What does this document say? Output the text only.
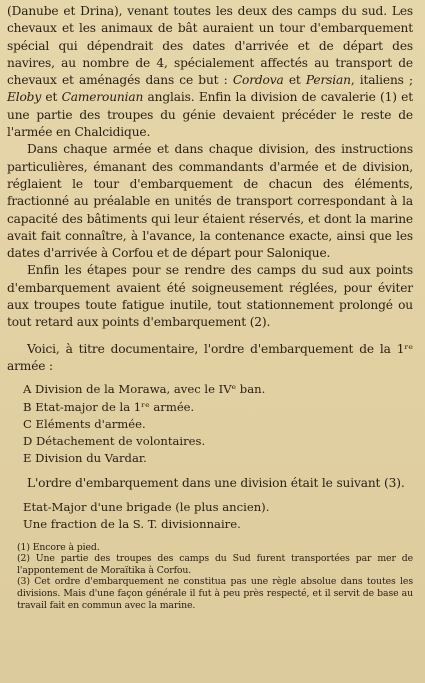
(Danube et Drina), venant toutes les deux des camps du sud. Les chevaux et les animaux de bât auraient un tour d'embarquement spécial qui dépendrait des dates d'arrivée et de départ des navires, au nombre de 4, spécialement affectés au transport de chevaux et aménagés dans ce but : Cordova et Persian, italiens ; Eloby et Camerounian anglais. Enfin la division de cavalerie (1) et une partie des troupes du génie devaient précéder le reste de l'armée en Chalcidique.

Dans chaque armée et dans chaque division, des instructions particulières, émanant des commandants d'armée et de division, réglaient le tour d'embarquement de chacun des éléments, fractionné au préalable en unités de transport correspondant à la capacité des bâtiments qui leur étaient réservés, et dont la marine avait fait connaître, à l'avance, la contenance exacte, ainsi que les dates d'arrivée à Corfou et de départ pour Salonique.

Enfin les étapes pour se rendre des camps du sud aux points d'embarquement avaient été soigneusement réglées, pour éviter aux troupes toute fatigue inutile, tout stationnement prolongé ou tout retard aux points d'embarquement (2).

Voici, à titre documentaire, l'ordre d'embarquement de la 1ʳᵉ armée :

A Division de la Morawa, avec le IVᵉ ban.
B Etat-major de la 1ʳᵉ armée.
C Eléments d'armée.
D Détachement de volontaires.
E Division du Vardar.

L'ordre d'embarquement dans une division était le suivant (3).

Etat-Major d'une brigade (le plus ancien).

Une fraction de la S. T. divisionnaire.

(1) Encore à pied.

(2) Une partie des troupes des camps du Sud furent transportées par mer de l'appontement de Moraïtika à Corfou.

(3) Cet ordre d'embarquement ne constitua pas une règle absolue dans toutes les divisions. Mais d'une façon générale il fut à peu près respecté, et il servit de base au travail fait en commun avec la marine.
